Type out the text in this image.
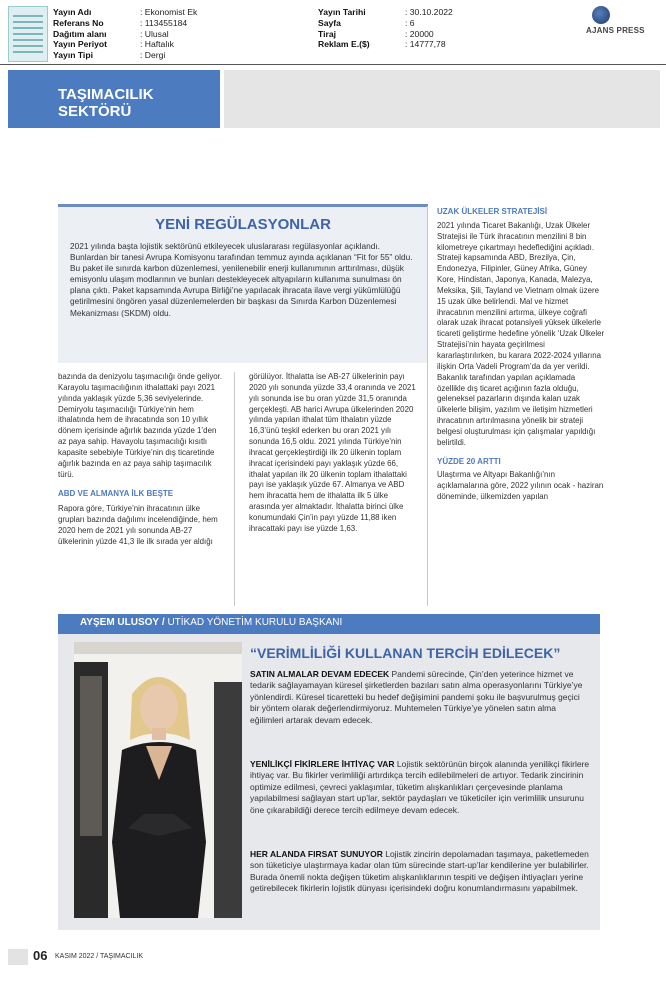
Yayın Adı
Referans No
Dağıtım alanı
Yayın Periyot
Yayın Tipi
: Ekonomist Ek
: 113455184
: Ulusal
: Haftalık
: Dergi
Yayın Tarihi
Sayfa
Tiraj
Reklam E.($)
: 30.10.2022
: 6
: 20000
: 14777,78
AJANS PRESS
TAŞIMACILIK SEKTÖRÜ
YENİ REGÜLASYONLAR
2021 yılında başta lojistik sektörünü etkileyecek uluslararası regülasyonlar açıklandı. Bunlardan bir tanesi Avrupa Komisyonu tarafından temmuz ayında açıklanan “Fit for 55” oldu. Bu paket ile sınırda karbon düzenlemesi, yenilenebilir enerji kullanımının arttırılması, düşük emisyonlu ulaşım modlarının ve bunları destekleyecek altyapıların kullanıma sunulması ön plana çıktı. Paket kapsamında Avrupa Birliği’ne yapılacak ihracata ilave vergi yükümlülüğü getirilmesini öngören yasal düzenlemelerden bir başkası da Sınırda Karbon Düzenlemesi Mekanizması (SKDM) oldu.
bazında da denizyolu taşımacılığı önde geliyor. Karayolu taşımacılığının ithalattaki payı 2021 yılında yaklaşık yüzde 5,36 seviyelerinde. Demiryolu taşımacılığı Türkiye’nin hem ithalatında hem de ihracatında son 10 yıllık dönem içerisinde ağırlık bazında yüzde 1’den az paya sahip. Havayolu taşımacılığı kısıtlı kapasite sebebiyle Türkiye’nin dış ticaretinde ağırlık bazında en az paya sahip taşımacılık türü.
ABD VE ALMANYA İLK BEŞTE
Rapora göre, Türkiye’nin ihracatının ülke grupları bazında dağılımı incelendiğinde, hem 2020 hem de 2021 yılı sonunda AB-27 ülkelerinin yüzde 41,3 ile ilk sırada yer aldığı
görülüyor. İthalatta ise AB-27 ülkelerinin payı 2020 yılı sonunda yüzde 33,4 oranında ve 2021 yılı sonunda ise bu oran yüzde 31,5 oranında gerçekleşti. AB harici Avrupa ülkelerinden 2020 yılında yapılan ithalat tüm ithalatın yüzde 16,3’ünü teşkil ederken bu oran 2021 yılı sonunda 16,5 oldu. 2021 yılında Türkiye’nin ihracat gerçekleştirdiği ilk 20 ülkenin toplam ihracat içerisindeki payı yaklaşık yüzde 66, ithalat yapılan ilk 20 ülkenin toplam ithalattaki payı ise yaklaşık yüzde 67. Almanya ve ABD hem ihracatta hem de ithalatta ilk 5 ülke arasında yer almaktadır. İthalatta birinci ülke konumundaki Çin’in payı yüzde 11,88 iken ihracattaki payı ise yüzde 1,63.
UZAK ÜLKELER STRATEJİSİ
2021 yılında Ticaret Bakanlığı, Uzak Ülkeler Stratejisi ile Türk ihracatının menzilini 8 bin kilometreye çıkartmayı hedeflediğini açıkladı. Strateji kapsamında ABD, Brezilya, Çin, Endonezya, Filipinler, Güney Afrika, Güney Kore, Hindistan, Japonya, Kanada, Malezya, Meksika, Şili, Tayland ve Vietnam olmak üzere 15 uzak ülke belirlendi. Mal ve hizmet ihracatının menzilini artırma, ülkeye coğrafi olarak uzak ihracat potansiyeli yüksek ülkelerle ticareti geliştirme hedefine yönelik ‘Uzak Ülkeler Stratejisi’nin hayata geçirilmesi kararlaştırılırken, bu karara 2022-2024 yıllarına ilişkin Orta Vadeli Program’da da yer verildi. Bakanlık tarafından yapılan açıklamada özellikle dış ticaret açığının fazla olduğu, geleneksel pazarların dışında kalan uzak ülkelerle bilişim, yazılım ve iletişim hizmetleri ihracatının artırılmasına yönelik bir strateji belgesi oluşturulması için çalışmalar yapıldığı belirtildi.
YÜZDE 20 ARTTI
Ulaştırma ve Altyapı Bakanlığı’nın açıklamalarına göre, 2022 yılının ocak - haziran döneminde, ülkemizden yapılan
AYŞEM ULUSOY / UTİKAD YÖNETİM KURULU BAŞKANI
“VERİMLİLİĞİ KULLANAN TERCİH EDİLECEK”
SATIN ALMALAR DEVAM EDECEK Pandemi sürecinde, Çin’den yeterince hizmet ve tedarik sağlayamayan küresel şirketlerden bazıları satın alma operasyonlarını Türkiye’ye yönlendirdi. Küresel ticaretteki bu hedef değişimini pandemi şoku ile başvurulmuş geçici bir yöntem olarak değerlendirmiyoruz. Muhtemelen Türkiye’ye yönelen satın alma eğilimleri artarak devam edecek.
YENİLİKÇİ FİKİRLERE İHTİYAÇ VAR Lojistik sektörünün birçok alanında yenilikçi fikirlere ihtiyaç var. Bu fikirler verimliliği artırdıkça tercih edilebilmeleri de artıyor. Tedarik zincirinin optimize edilmesi, çevreci yaklaşımlar, tüketim alışkanlıkları çerçevesinde planlama yapılabilmesi sağlayan start up’lar, sektör paydaşları ve tüketiciler için verimlilik unsurunu öne çıkarabildiği derece tercih edilmeye devam edecek.
HER ALANDA FIRSAT SUNUYOR Lojistik zincirin depolamadan taşımaya, paketlemeden son tüketiciye ulaştırmaya kadar olan tüm sürecinde start-up’lar kendilerine yer bulabilirler. Burada önemli nokta değişen tüketim alışkanlıklarının tespiti ve değişen ihtiyaçları yerine getirebilecek fikirlerin lojistik dünyası içerisindeki doğru konumlandırmasını yapabilmek.
06 KASIM 2022 / TAŞIMACILIK
